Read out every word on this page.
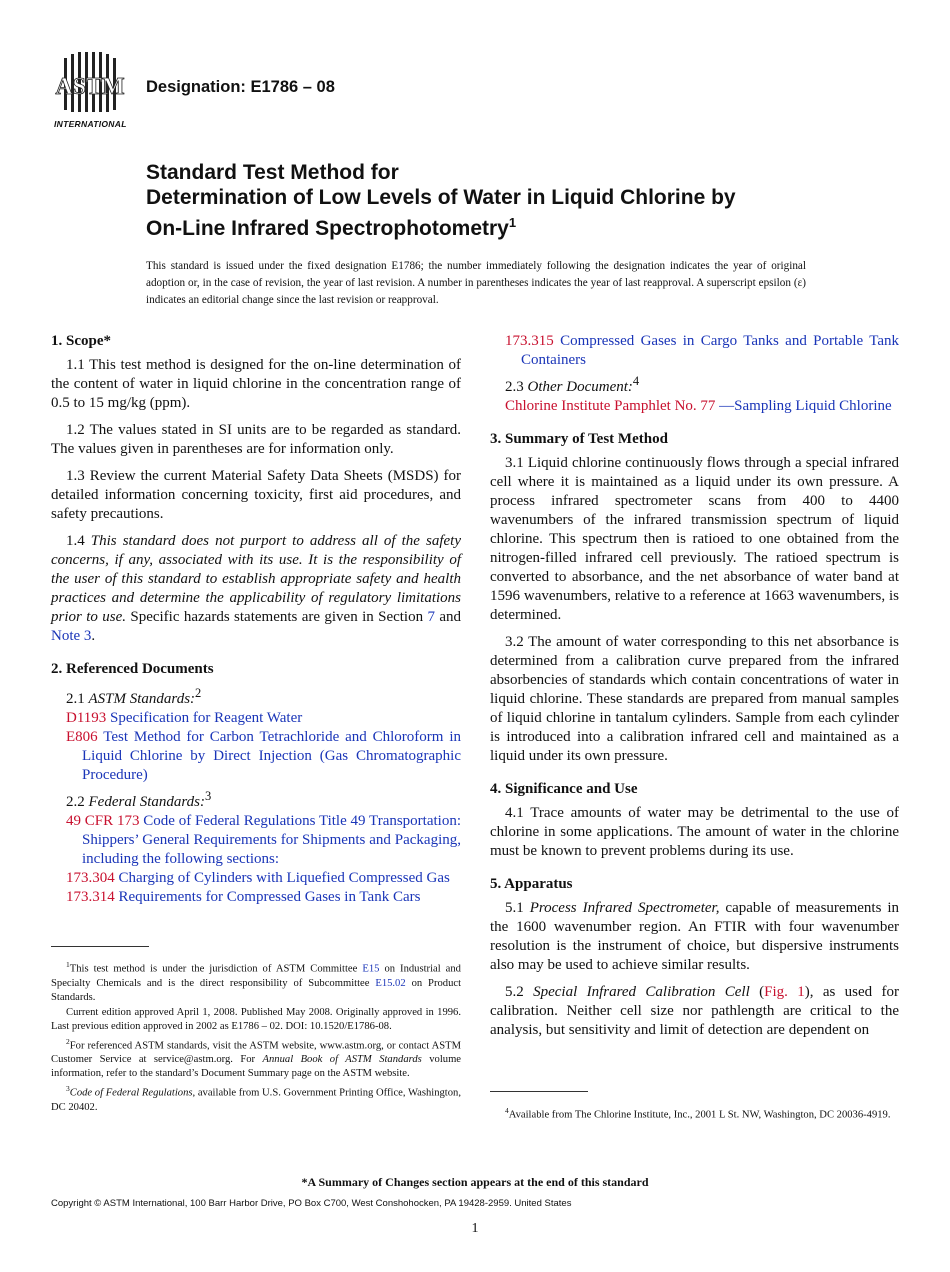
ASTM
INTERNATIONAL
Designation: E1786 – 08
Standard Test Method for
Determination of Low Levels of Water in Liquid Chlorine by
On-Line Infrared Spectrophotometry$^1$
This standard is issued under the fixed designation E1786; the number immediately following the designation indicates the year of original adoption or, in the case of revision, the year of last revision. A number in parentheses indicates the year of last reapproval. A superscript epsilon (ε) indicates an editorial change since the last revision or reapproval.
1. Scope*

1.1 This test method is designed for the on-line determination of the content of water in liquid chlorine in the concentration range of 0.5 to 15 mg/kg (ppm).

1.2 The values stated in SI units are to be regarded as standard. The values given in parentheses are for information only.

1.3 Review the current Material Safety Data Sheets (MSDS) for detailed information concerning toxicity, first aid procedures, and safety precautions.

1.4 This standard does not purport to address all of the safety concerns, if any, associated with its use. It is the responsibility of the user of this standard to establish appropriate safety and health practices and determine the applicability of regulatory limitations prior to use. Specific hazards statements are given in Section 7 and Note 3.

2. Referenced Documents

2.1 ASTM Standards:$^2$

D1193 Specification for Reagent Water

E806 Test Method for Carbon Tetrachloride and Chloroform in Liquid Chlorine by Direct Injection (Gas Chromatographic Procedure)

2.2 Federal Standards:$^3$

49 CFR 173 Code of Federal Regulations Title 49 Transportation: Shippers’ General Requirements for Shipments and Packaging, including the following sections:

173.304 Charging of Cylinders with Liquefied Compressed Gas

173.314 Requirements for Compressed Gases in Tank Cars

173.315 Compressed Gases in Cargo Tanks and Portable Tank Containers

2.3 Other Document:$^4$

Chlorine Institute Pamphlet No. 77 —Sampling Liquid Chlorine

3. Summary of Test Method

3.1 Liquid chlorine continuously flows through a special infrared cell where it is maintained as a liquid under its own pressure. A process infrared spectrometer scans from 400 to 4400 wavenumbers of the infrared transmission spectrum of liquid chlorine. This spectrum then is ratioed to one obtained from the nitrogen-filled infrared cell previously. The ratioed spectrum is converted to absorbance, and the net absorbance of water band at 1596 wavenumbers, relative to a reference at 1663 wavenumbers, is determined.

3.2 The amount of water corresponding to this net absorbance is determined from a calibration curve prepared from the infrared absorbencies of standards which contain concentrations of water in liquid chlorine. These standards are prepared from manual samples of liquid chlorine in tantalum cylinders. Sample from each cylinder is introduced into a calibration infrared cell and maintained as a liquid under its own pressure.

4. Significance and Use

4.1 Trace amounts of water may be detrimental to the use of chlorine in some applications. The amount of water in the chlorine must be known to prevent problems during its use.

5. Apparatus

5.1 Process Infrared Spectrometer, capable of measurements in the 1600 wavenumber region. An FTIR with four wavenumber resolution is the instrument of choice, but dispersive instruments also may be used to achieve similar results.

5.2 Special Infrared Calibration Cell (Fig. 1), as used for calibration. Neither cell size nor pathlength are critical to the analysis, but sensitivity and limit of detection are dependent on

$^1$This test method is under the jurisdiction of ASTM Committee E15 on Industrial and Specialty Chemicals and is the direct responsibility of Subcommittee E15.02 on Product Standards.

Current edition approved April 1, 2008. Published May 2008. Originally approved in 1996. Last previous edition approved in 2002 as E1786 – 02. DOI: 10.1520/E1786-08.

$^2$For referenced ASTM standards, visit the ASTM website, www.astm.org, or contact ASTM Customer Service at service@astm.org. For Annual Book of ASTM Standards volume information, refer to the standard’s Document Summary page on the ASTM website.

$^3$Code of Federal Regulations, available from U.S. Government Printing Office, Washington, DC 20402.	$^4$Available from The Chlorine Institute, Inc., 2001 L St. NW, Washington, DC 20036-4919.

*A Summary of Changes section appears at the end of this standard
Copyright © ASTM International, 100 Barr Harbor Drive, PO Box C700, West Conshohocken, PA 19428-2959. United States
1
